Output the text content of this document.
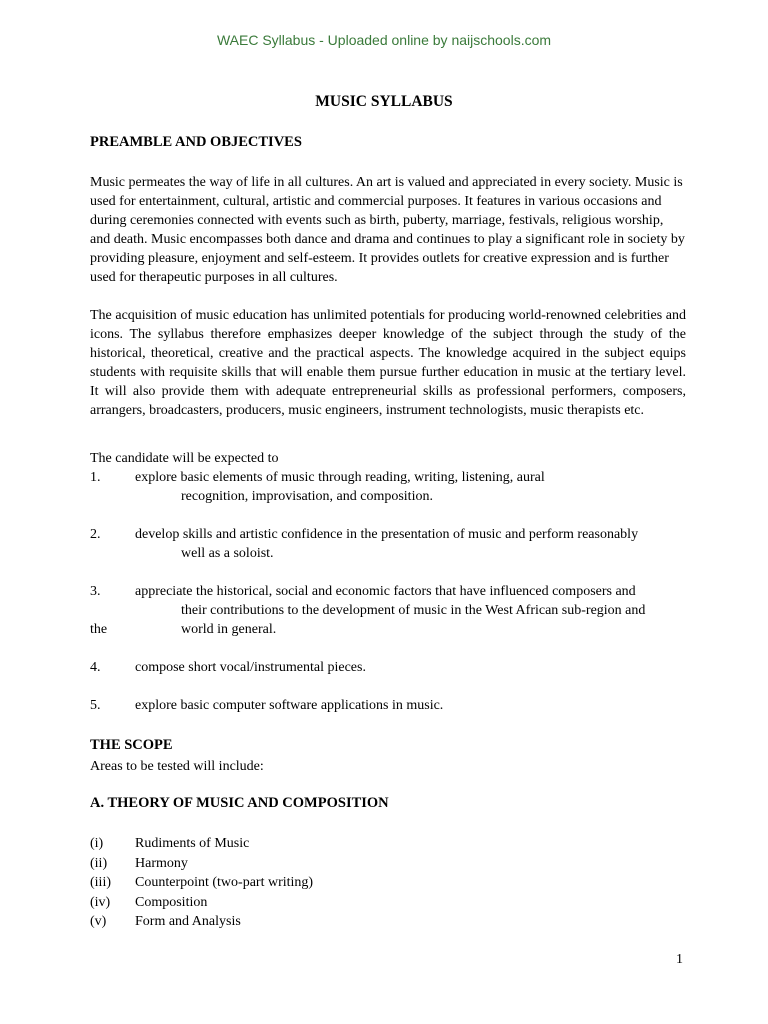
WAEC Syllabus - Uploaded online by naijschools.com
MUSIC SYLLABUS
PREAMBLE AND OBJECTIVES

Music permeates the way of life in all cultures. An art is valued and appreciated in every society. Music is used for entertainment, cultural, artistic and commercial purposes. It features in various occasions and during ceremonies connected with events such as birth, puberty, marriage, festivals, religious worship, and death. Music encompasses both dance and drama and continues to play a significant role in society by providing pleasure, enjoyment and self-esteem. It provides outlets for creative expression and is further used for therapeutic purposes in all cultures.

The acquisition of music education has unlimited potentials for producing world-renowned celebrities and icons. The syllabus therefore emphasizes deeper knowledge of the subject through the study of the historical, theoretical, creative and the practical aspects. The knowledge acquired in the subject equips students with requisite skills that will enable them pursue further education in music at the tertiary level. It will also provide them with adequate entrepreneurial skills as professional performers, composers, arrangers, broadcasters, producers, music engineers, instrument technologists, music therapists etc.

The candidate will be expected to

1. explore basic elements of music through reading, writing, listening, aural
recognition, improvisation, and composition.
2. develop skills and artistic confidence in the presentation of music and perform reasonably
well as a soloist.
3. appreciate the historical, social and economic factors that have influenced composers and
their contributions to the development of music in the West African sub-region and
the	world in general.
4. compose short vocal/instrumental pieces.
5. explore basic computer software applications in music.
THE SCOPE

Areas to be tested will include:

A. THEORY OF MUSIC AND COMPOSITION
(i) Rudiments of Music
(ii) Harmony
(iii) Counterpoint (two-part writing)
(iv) Composition
(v) Form and Analysis
1
